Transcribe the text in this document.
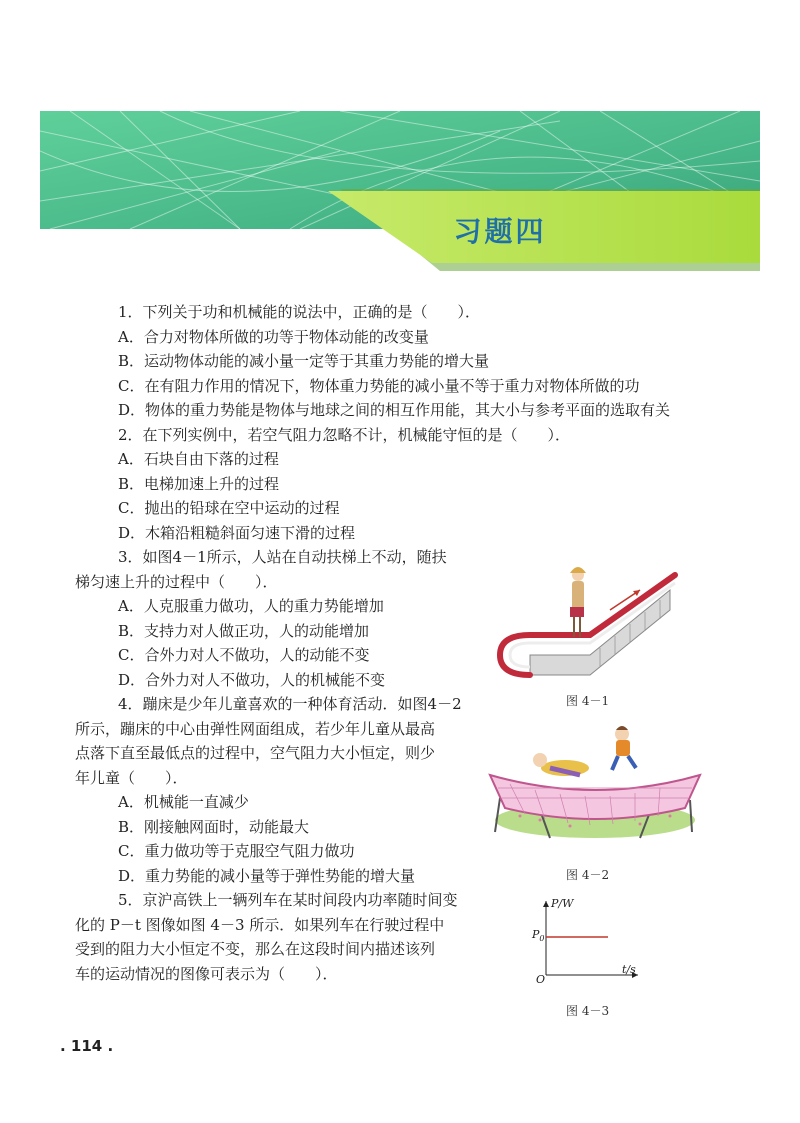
习题四
1．下列关于功和机械能的说法中，正确的是（　　）．
A．合力对物体所做的功等于物体动能的改变量
B．运动物体动能的减小量一定等于其重力势能的增大量
C．在有阻力作用的情况下，物体重力势能的减小量不等于重力对物体所做的功
D．物体的重力势能是物体与地球之间的相互作用能，其大小与参考平面的选取有关
2．在下列实例中，若空气阻力忽略不计，机械能守恒的是（　　）．
A．石块自由下落的过程
B．电梯加速上升的过程
C．抛出的铅球在空中运动的过程
D．木箱沿粗糙斜面匀速下滑的过程
3．如图4－1所示，人站在自动扶梯上不动，随扶
梯匀速上升的过程中（　　）．
A．人克服重力做功，人的重力势能增加
B．支持力对人做正功，人的动能增加
C．合外力对人不做功，人的动能不变
D．合外力对人不做功，人的机械能不变
4．蹦床是少年儿童喜欢的一种体育活动．如图4－2
所示，蹦床的中心由弹性网面组成，若少年儿童从最高
点落下直至最低点的过程中，空气阻力大小恒定，则少
年儿童（　　）．
A．机械能一直减少
B．刚接触网面时，动能最大
C．重力做功等于克服空气阻力做功
D．重力势能的减小量等于弹性势能的增大量
5．京沪高铁上一辆列车在某时间段内功率随时间变
化的 P－t 图像如图 4－3 所示．如果列车在行驶过程中
受到的阻力大小恒定不变，那么在这段时间内描述该列
车的运动情况的图像可表示为（　　）．
图 4－1
图 4－2
P/W
t/s
$P_0$
O
图 4－3
. 114 .
